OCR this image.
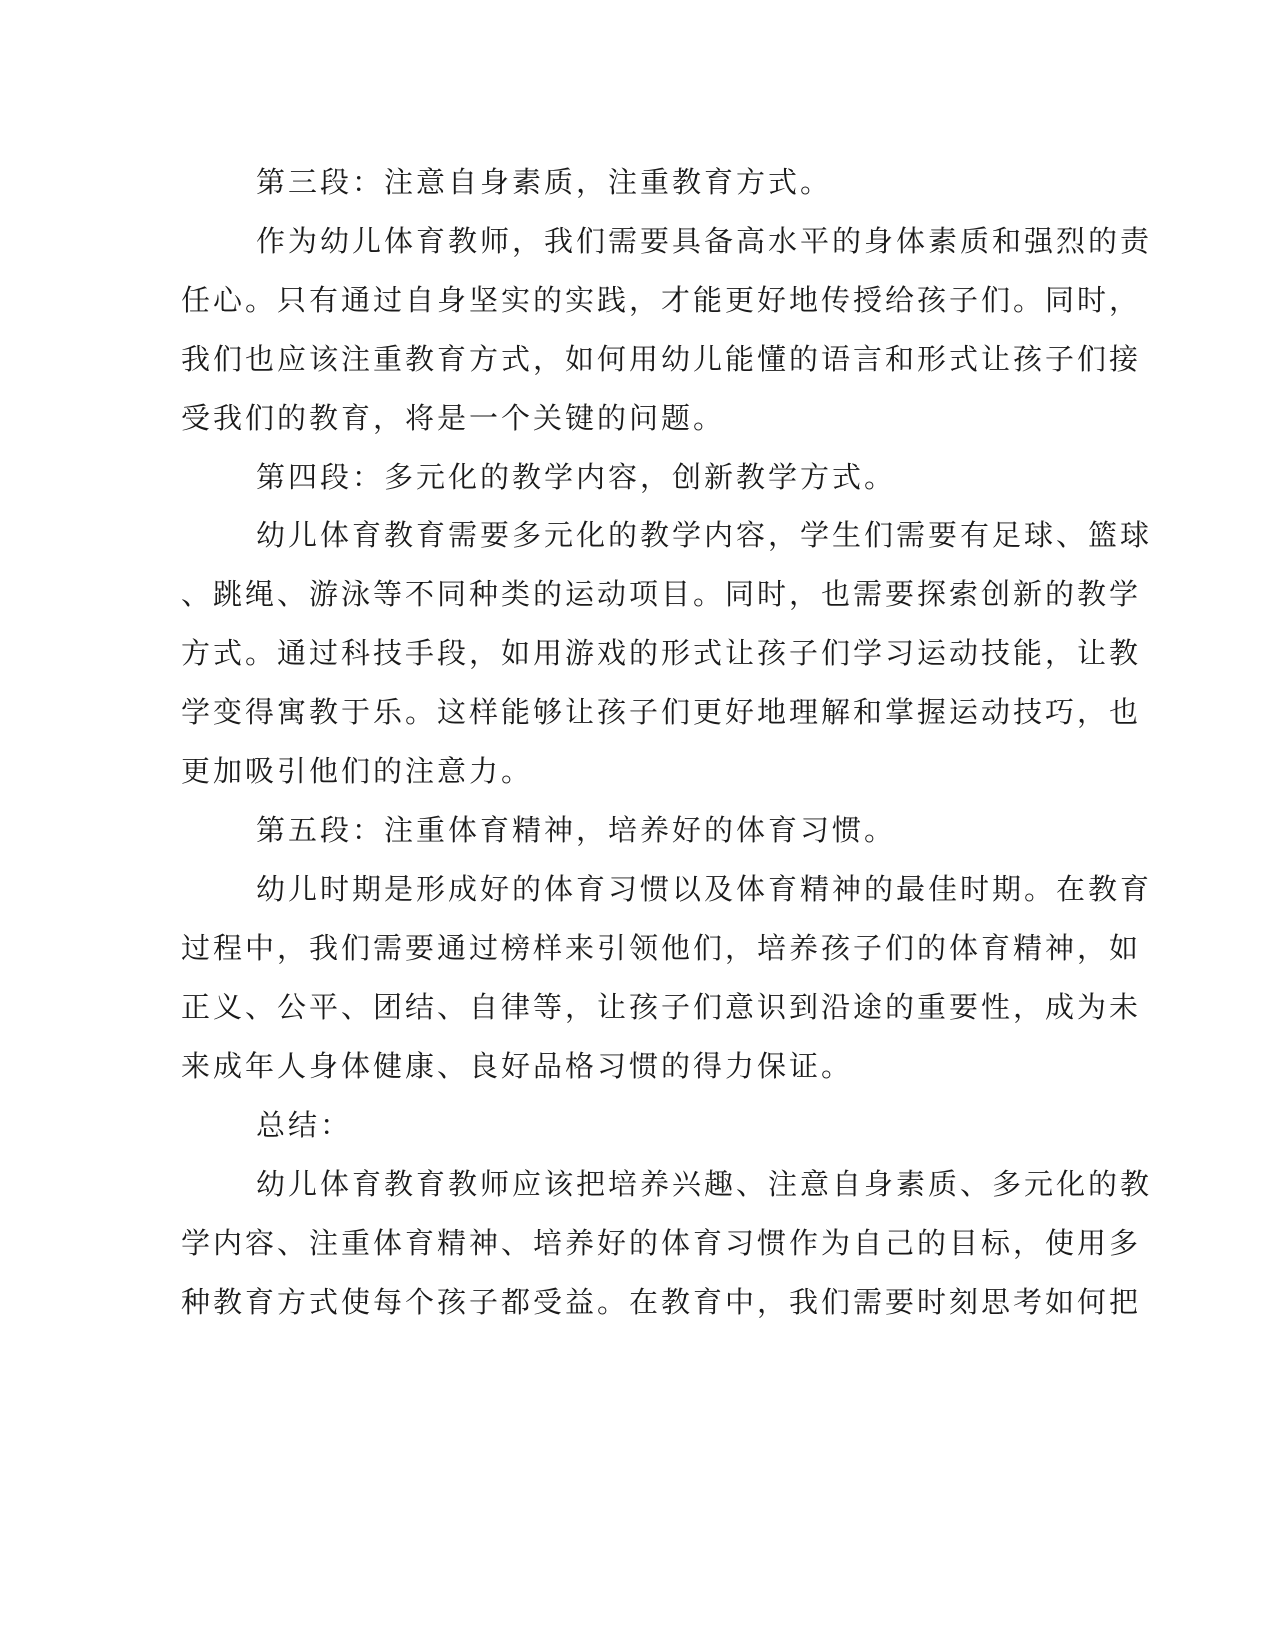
第三段：注意自身素质，注重教育方式。
作为幼儿体育教师，我们需要具备高水平的身体素质和强烈的责
任心。只有通过自身坚实的实践，才能更好地传授给孩子们。同时，
我们也应该注重教育方式，如何用幼儿能懂的语言和形式让孩子们接
受我们的教育，将是一个关键的问题。
第四段：多元化的教学内容，创新教学方式。
幼儿体育教育需要多元化的教学内容，学生们需要有足球、篮球
、跳绳、游泳等不同种类的运动项目。同时，也需要探索创新的教学
方式。通过科技手段，如用游戏的形式让孩子们学习运动技能，让教
学变得寓教于乐。这样能够让孩子们更好地理解和掌握运动技巧，也
更加吸引他们的注意力。
第五段：注重体育精神，培养好的体育习惯。
幼儿时期是形成好的体育习惯以及体育精神的最佳时期。在教育
过程中，我们需要通过榜样来引领他们，培养孩子们的体育精神，如
正义、公平、团结、自律等，让孩子们意识到沿途的重要性，成为未
来成年人身体健康、良好品格习惯的得力保证。
总结：
幼儿体育教育教师应该把培养兴趣、注意自身素质、多元化的教
学内容、注重体育精神、培养好的体育习惯作为自己的目标，使用多
种教育方式使每个孩子都受益。在教育中，我们需要时刻思考如何把
